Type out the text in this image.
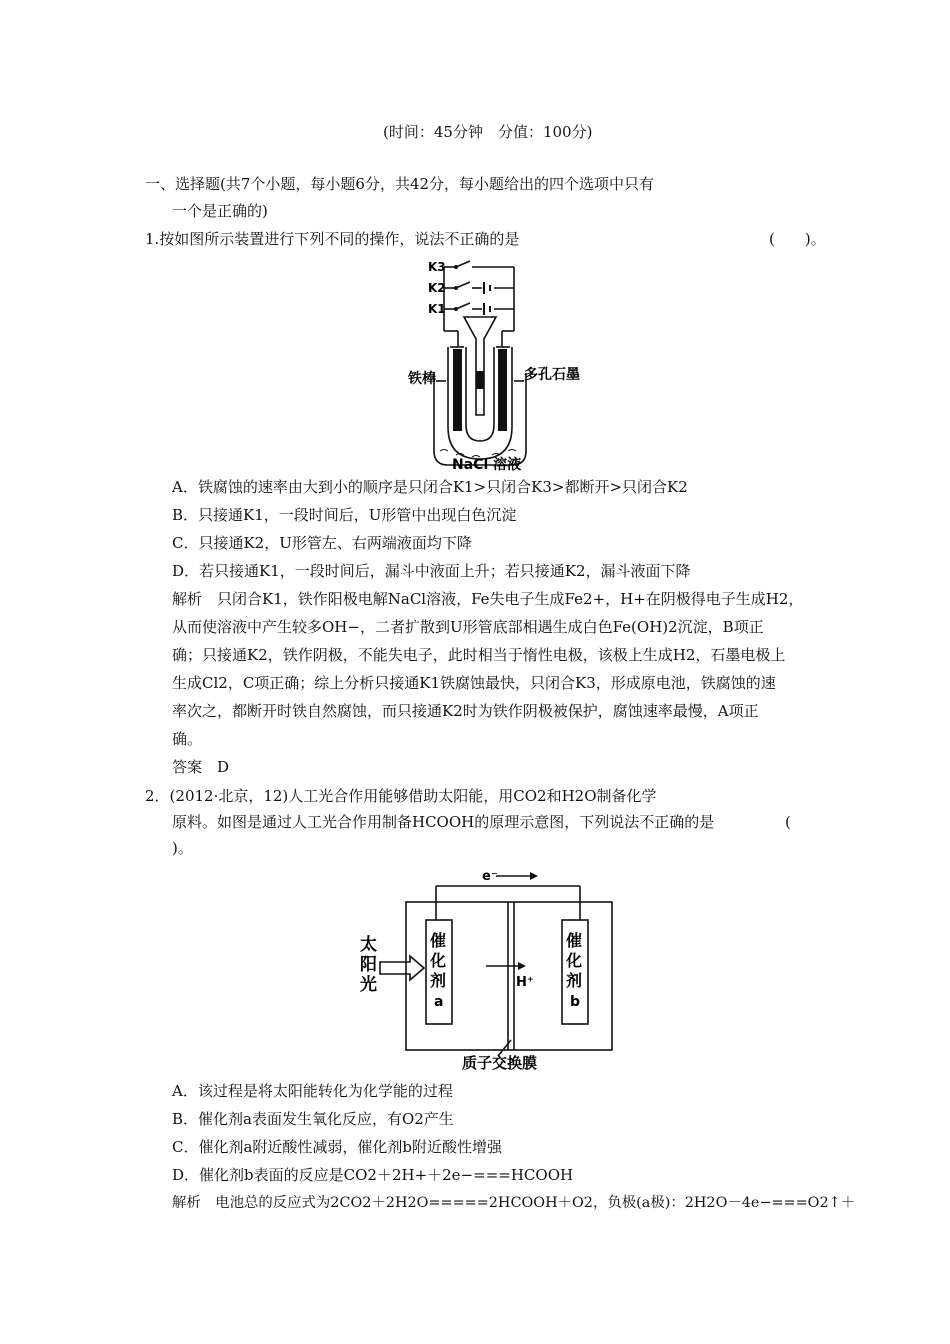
(时间：45分钟　分值：100分)
一、选择题(共7个小题，每小题6分，共42分，每小题给出的四个选项中只有
一个是正确的)
1.按如图所示装置进行下列不同的操作，说法不正确的是	(　　)。
K3
K2
K1
铁棒	多孔石墨
NaCl 溶液
A．铁腐蚀的速率由大到小的顺序是只闭合K1>只闭合K3>都断开>只闭合K2
B．只接通K1，一段时间后，U形管中出现白色沉淀
C．只接通K2，U形管左、右两端液面均下降
D．若只接通K1，一段时间后，漏斗中液面上升；若只接通K2，漏斗液面下降
解析　只闭合K1，铁作阳极电解NaCl溶液，Fe失电子生成Fe2+，H+在阴极得电子生成H2，
从而使溶液中产生较多OH−，二者扩散到U形管底部相遇生成白色Fe(OH)2沉淀，B项正
确；只接通K2，铁作阴极，不能失电子，此时相当于惰性电极，该极上生成H2，石墨电极上
生成Cl2，C项正确；综上分析只接通K1铁腐蚀最快，只闭合K3，形成原电池，铁腐蚀的速
率次之，都断开时铁自然腐蚀，而只接通K2时为铁作阴极被保护，腐蚀速率最慢，A项正
确。
答案　D
2．(2012·北京，12)人工光合作用能够借助太阳能，用CO2和H2O制备化学
原料。如图是通过人工光合作用制备HCOOH的原理示意图，下列说法不正确的是	(
)。
e⁻
太
阳
光
催
化
剂
a
催
化
剂
b
H⁺
质子交换膜
A．该过程是将太阳能转化为化学能的过程
B．催化剂a表面发生氧化反应，有O2产生
C．催化剂a附近酸性减弱，催化剂b附近酸性增强
D．催化剂b表面的反应是CO2＋2H+＋2e−===HCOOH
解析　电池总的反应式为2CO2＋2H2O=====2HCOOH＋O2，负极(a极)：2H2O－4e−===O2↑＋
